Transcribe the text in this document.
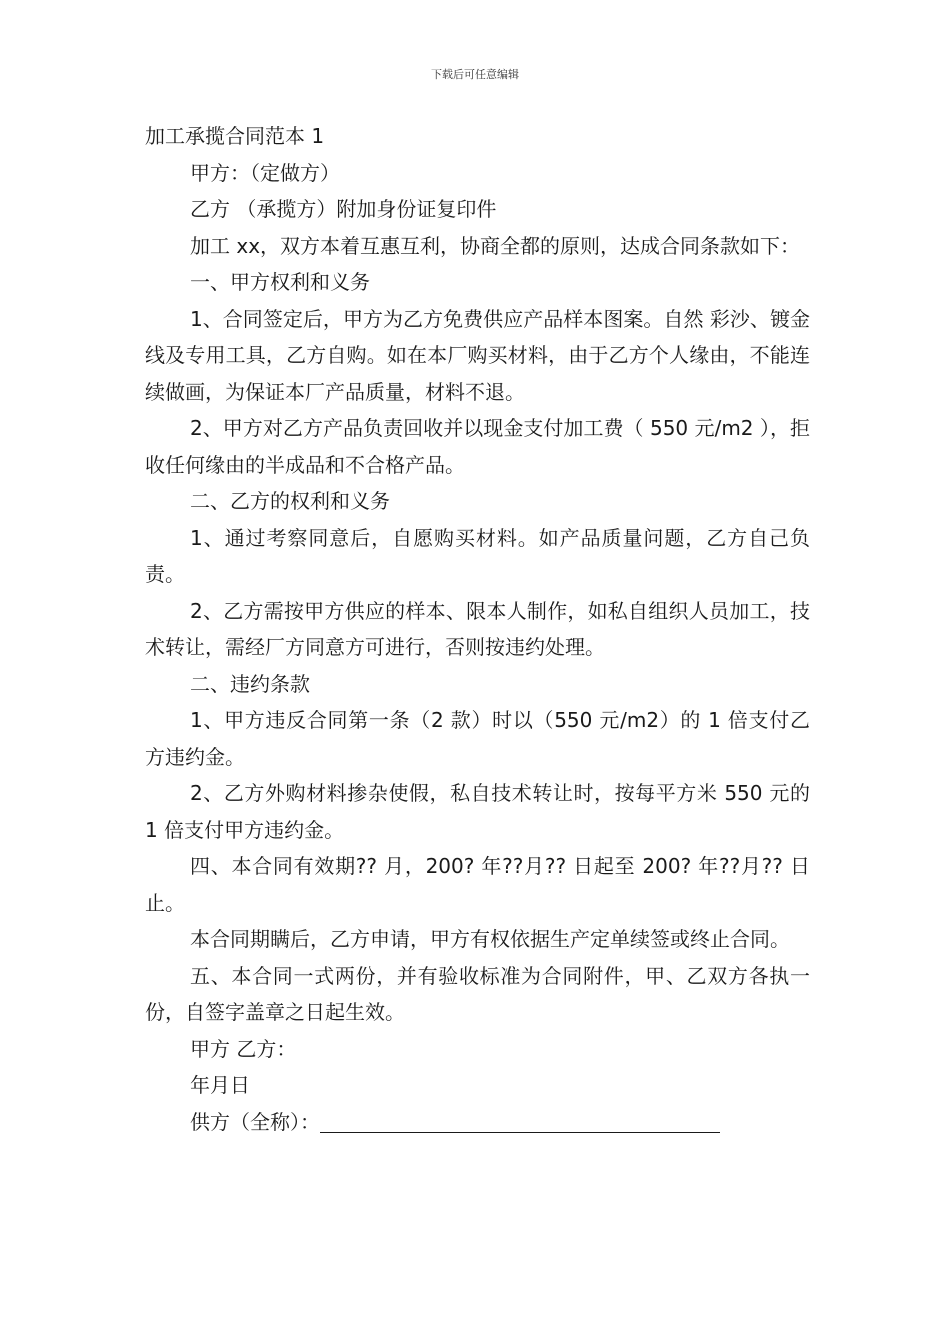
下载后可任意编辑

加工承揽合同范本 1

甲方：（定做方）

乙方 （承揽方）附加身份证复印件

加工 xx，双方本着互惠互利，协商全都的原则，达成合同条款如下：

一、甲方权利和义务

1、合同签定后，甲方为乙方免费供应产品样本图案。自然 彩沙、镀金线及专用工具，乙方自购。如在本厂购买材料，由于乙方个人缘由，不能连续做画，为保证本厂产品质量，材料不退。

2、甲方对乙方产品负责回收并以现金支付加工费（ 550 元/m2 ），拒收任何缘由的半成品和不合格产品。

二、乙方的权利和义务

1、通过考察同意后，自愿购买材料。如产品质量问题，乙方自己负责。

2、乙方需按甲方供应的样本、限本人制作，如私自组织人员加工，技术转让，需经厂方同意方可进行，否则按违约处理。

二、违约条款

1、甲方违反合同第一条（2 款）时以（550 元/m2）的 1 倍支付乙方违约金。

2、乙方外购材料掺杂使假，私自技术转让时，按每平方米 550 元的 1 倍支付甲方违约金。

四、本合同有效期?? 月，200? 年??月?? 日起至 200? 年??月?? 日止。

本合同期瞒后，乙方申请，甲方有权依据生产定单续签或终止合同。

五、本合同一式两份，并有验收标准为合同附件，甲、乙双方各执一份，自签字盖章之日起生效。

甲方 乙方：

年月日

供方（全称）：
